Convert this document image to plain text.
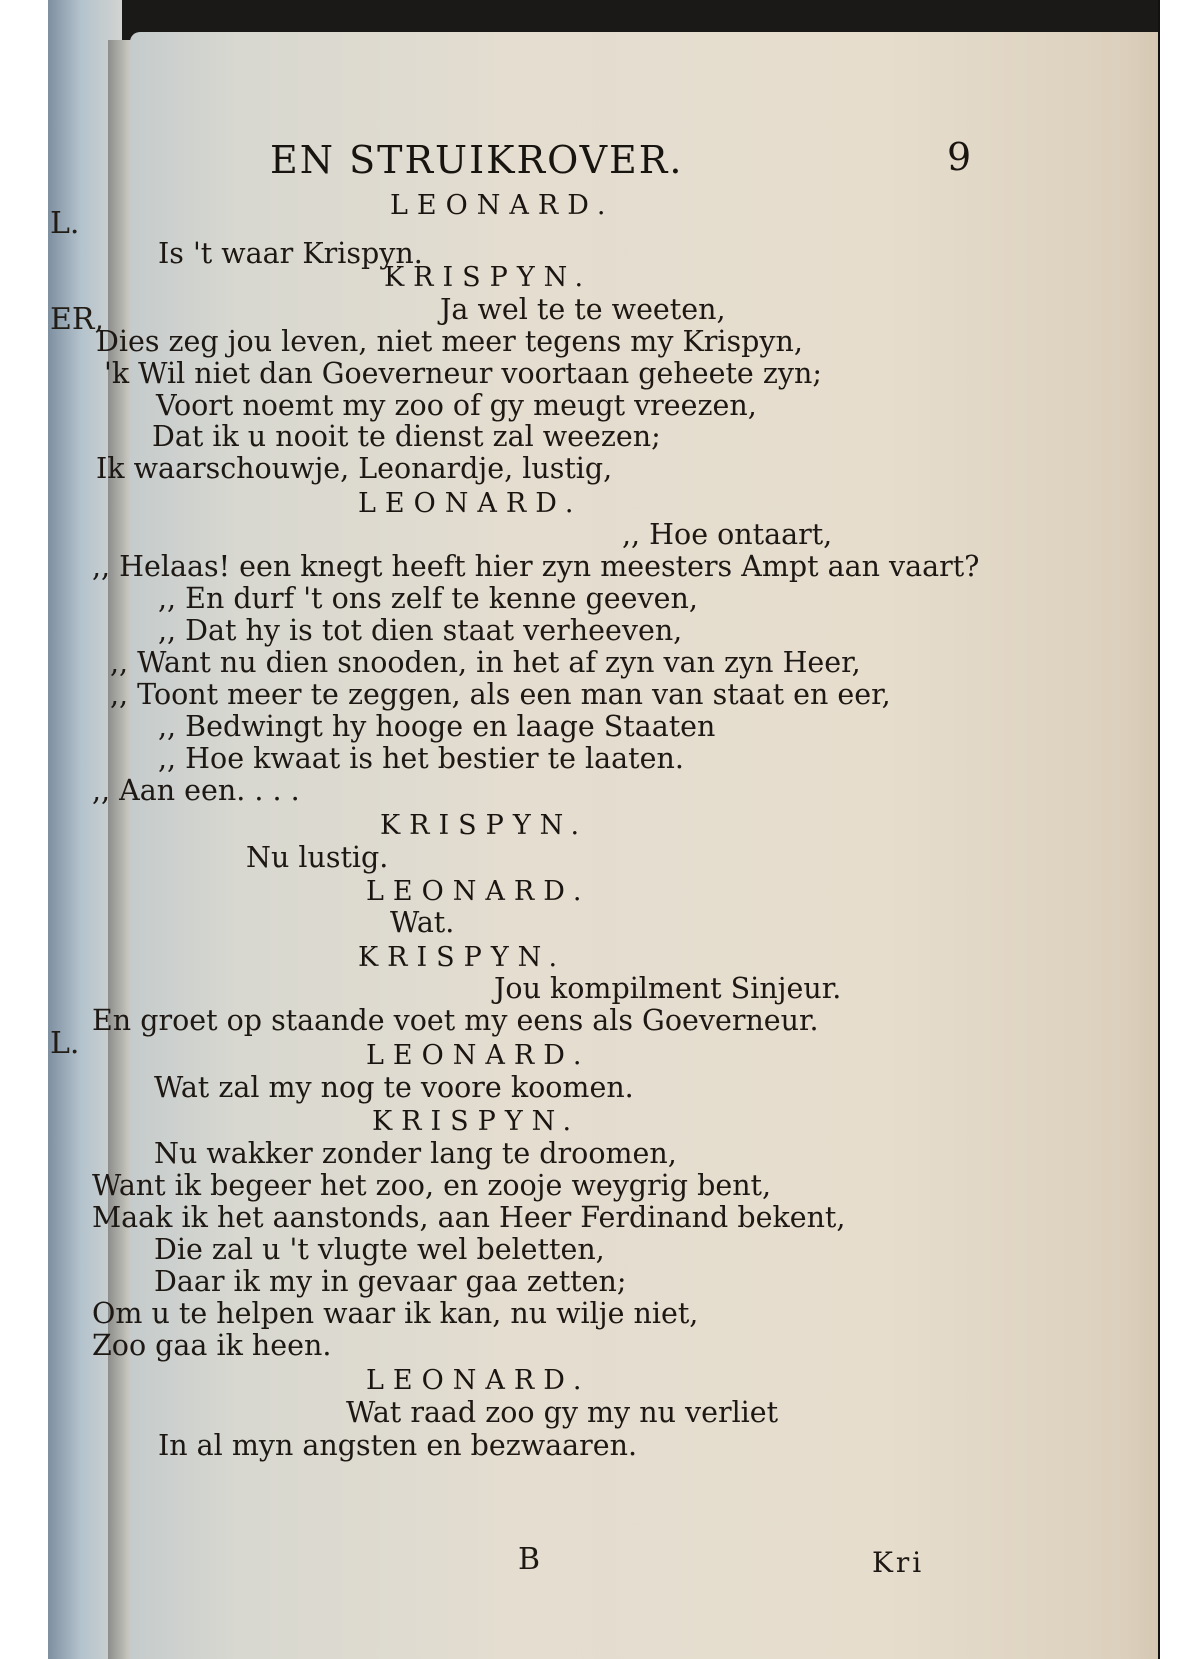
L.
ER,
L.
EN STRUIKROVER.	9
LEONARD.
Is 't waar Krispyn.
KRISPYN.
Ja wel te te weeten,
Dies zeg jou leven, niet meer tegens my Krispyn,
'k Wil niet dan Goeverneur voortaan geheete zyn;
Voort noemt my zoo of gy meugt vreezen,
Dat ik u nooit te dienst zal weezen;
Ik waarschouwje, Leonardje, lustig,
LEONARD.
,, Hoe ontaart,
,, Helaas! een knegt heeft hier zyn meesters Ampt aan vaart?
,, En durf 't ons zelf te kenne geeven,
,, Dat hy is tot dien staat verheeven,
,, Want nu dien snooden, in het af zyn van zyn Heer,
,, Toont meer te zeggen, als een man van staat en eer,
,, Bedwingt hy hooge en laage Staaten
,, Hoe kwaat is het bestier te laaten.
,, Aan een. . . .
KRISPYN.
Nu lustig.
LEONARD.
Wat.
KRISPYN.
Jou kompilment Sinjeur.
En groet op staande voet my eens als Goeverneur.
LEONARD.
Wat zal my nog te voore koomen.
KRISPYN.
Nu wakker zonder lang te droomen,
Want ik begeer het zoo, en zooje weygrig bent,
Maak ik het aanstonds, aan Heer Ferdinand bekent,
Die zal u 't vlugte wel beletten,
Daar ik my in gevaar gaa zetten;
Om u te helpen waar ik kan, nu wilje niet,
Zoo gaa ik heen.
LEONARD.
Wat raad zoo gy my nu verliet
In al myn angsten en bezwaaren.
B	Kri
